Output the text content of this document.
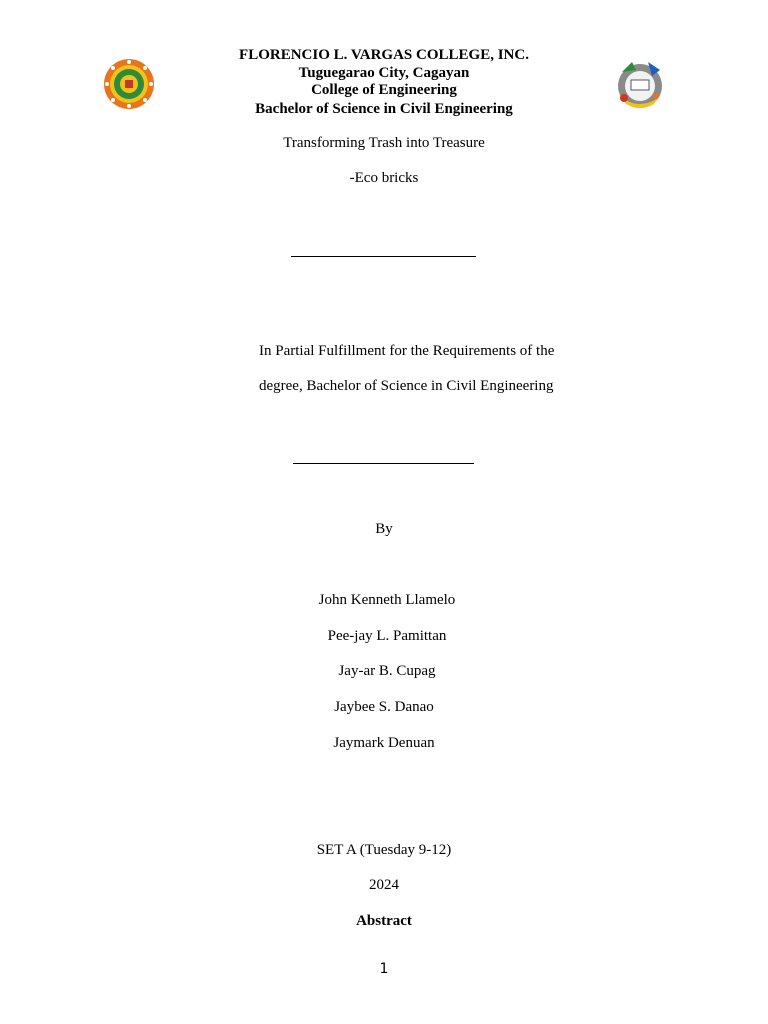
FLORENCIO L. VARGAS COLLEGE, INC.
Tuguegarao City, Cagayan
College of Engineering
Bachelor of Science in Civil Engineering
Transforming Trash into Treasure
-Eco bricks
In Partial Fulfillment for the Requirements of the
degree, Bachelor of Science in Civil Engineering
By
John Kenneth Llamelo
Pee-jay L. Pamittan
Jay-ar B. Cupag
Jaybee S. Danao
Jaymark Denuan
SET A (Tuesday 9-12)
2024
Abstract
1
